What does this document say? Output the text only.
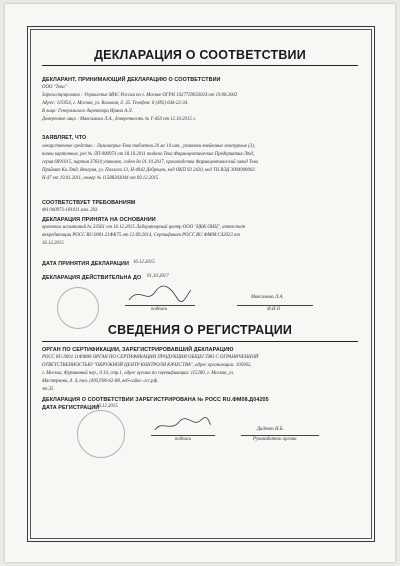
ДЕКЛАРАЦИЯ О СООТВЕТСТВИИ
ДЕКЛАРАНТ, ПРИНИМАЮЩИЙ ДЕКЛАРАЦИЮ О СООТВЕТСТВИИ
ООО "Тева"
Зарегистрировано : Управление МНС России по г. Москве ОГРН 1027739033024 от 19.08.2002
Адрес: 115054, г. Москва, ул. Валовая, д. 35. Телефон: 8 (495) 644-22-34.
В лице: Генерального директора Ирина А.Л.
Доверенное лицо : Максимова Л.А., доверенность № Т-450 от 12.10.2015 г.
ЗАЯВЛЯЕТ, ЧТО
лекарственное средство : Лизиноприл-Тева таблетки 20 мг 10 шт., упаковки ячейковые контурные (3),
пачки картонные, рег № ЛП-000973 от 18.10.2011 тадано Тева Фармацевтические Предприятия Лтд,
серия 6891015, партия 37610 упаковок, годен до 01.10.2017, производства Фармацевтический завод Тева
Прайвит Ко.Лтд, Венгрия, ул. Паллаги 13, Н-4042 Дебрецен, код ОКП 93 2420, код ТН ВЭД 3004900002.
Н.47 от 19.01.2011, номер № 11588203044 от 09.12.2015
СООТВЕТСТВУЕТ ТРЕБОВАНИЯМ
ФЗ 000973-181011 изм. 203
ДЕКЛАРАЦИЯ ПРИНЯТА НА ОСНОВАНИИ
протокол испытаний № 33561 от 16.12.2015 Лабораторный центр ООО "ЦКК ОНЦ", аттестат
аккредитации РОСС RU.0001.21ФК75 от 12.09.2014, Сертификат РОСС RU.ФМ08.С42023 от
16.12.2015
ДАТА ПРИНЯТИЯ ДЕКЛАРАЦИИ 16.12.2015
ДЕКЛАРАЦИЯ ДЕЙСТВИТЕЛЬНА ДО 01.10.2017
подпись
Максимова Л.А.
Ф.И.О
СВЕДЕНИЯ О РЕГИСТРАЦИИ
ОРГАН ПО СЕРТИФИКАЦИИ, ЗАРЕГИСТРИРОВАВШИЙ ДЕКЛАРАЦИЮ
РОСС RU.0001.11ФМ08 ОРГАН ПО СЕРТИФИКАЦИИ ПРОДУКЦИИ ОБЩЕСТВО С ОГРАНИЧЕННОЙ
ОТВЕТСТВЕННОСТЬЮ "ОКРУЖНОЙ ЦЕНТР КОНТРОЛЯ КАЧЕСТВА", адрес организации: 105062,
г. Москва, Фурманный пер., д.10, стр.1, адрес органа по сертификации: 115280, г. Москва, ул.
Мастеркова, д. 4, тел. (495)786-62-88, веб-сайт: occ.рф.
эт.35
ДЕКЛАРАЦИЯ О СООТВЕТСТВИИ ЗАРЕГИСТРИРОВАНА № РОСС RU.ФМ08.Д04205
ДАТА РЕГИСТРАЦИИ
16.12.2015
подпись
Диденко И.Б.
Руководитель органа
